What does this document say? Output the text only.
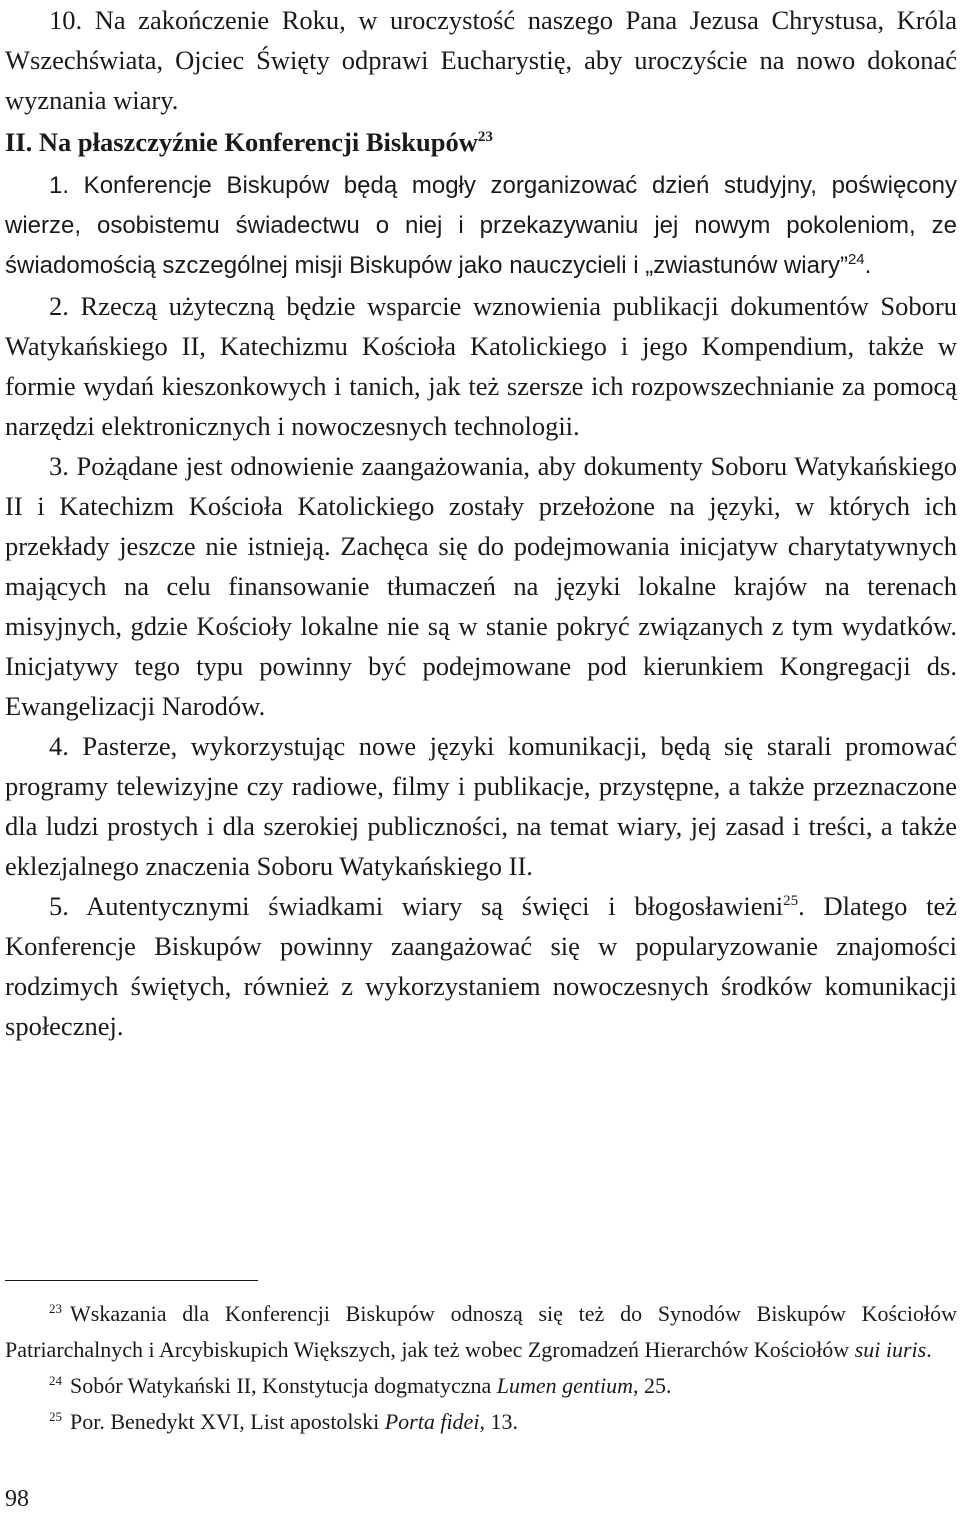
10. Na zakończenie Roku, w uroczystość naszego Pana Jezusa Chrystusa, Króla Wszechświata, Ojciec Święty odprawi Eucharystię, aby uroczyście na nowo dokonać wyznania wiary.

II. Na płaszczyźnie Konferencji Biskupów$^{23}$

1. Konferencje Biskupów będą mogły zorganizować dzień studyjny, poświęcony wierze, osobistemu świadectwu o niej i przekazywaniu jej nowym pokoleniom, ze świadomością szczególnej misji Biskupów jako nauczycieli i „zwiastunów wiary”$^{24}$.

2. Rzeczą użyteczną będzie wsparcie wznowienia publikacji dokumentów Soboru Watykańskiego II, Katechizmu Kościoła Katolickiego i jego Kompendium, także w formie wydań kieszonkowych i tanich, jak też szersze ich rozpowszechnianie za pomocą narzędzi elektronicznych i nowoczesnych technologii.

3. Pożądane jest odnowienie zaangażowania, aby dokumenty Soboru Watykańskiego II i Katechizm Kościoła Katolickiego zostały przełożone na języki, w których ich przekłady jeszcze nie istnieją. Zachęca się do podejmowania inicjatyw charytatywnych mających na celu finansowanie tłumaczeń na języki lokalne krajów na terenach misyjnych, gdzie Kościoły lokalne nie są w stanie pokryć związanych z tym wydatków. Inicjatywy tego typu powinny być podejmowane pod kierunkiem Kongregacji ds. Ewangelizacji Narodów.

4. Pasterze, wykorzystując nowe języki komunikacji, będą się starali promować programy telewizyjne czy radiowe, filmy i publikacje, przystępne, a także przeznaczone dla ludzi prostych i dla szerokiej publiczności, na temat wiary, jej zasad i treści, a także eklezjalnego znaczenia Soboru Watykańskiego II.

5. Autentycznymi świadkami wiary są święci i błogosławieni$^{25}$. Dlatego też Konferencje Biskupów powinny zaangażować się w popularyzowanie znajomości rodzimych świętych, również z wykorzystaniem nowoczesnych środków komunikacji społecznej.

$^{23}$ Wskazania dla Konferencji Biskupów odnoszą się też do Synodów Biskupów Kościołów Patriarchalnych i Arcybiskupich Większych, jak też wobec Zgromadzeń Hierarchów Kościołów sui iuris.

$^{24}$ Sobór Watykański II, Konstytucja dogmatyczna Lumen gentium, 25.

$^{25}$ Por. Benedykt XVI, List apostolski Porta fidei, 13.

98
